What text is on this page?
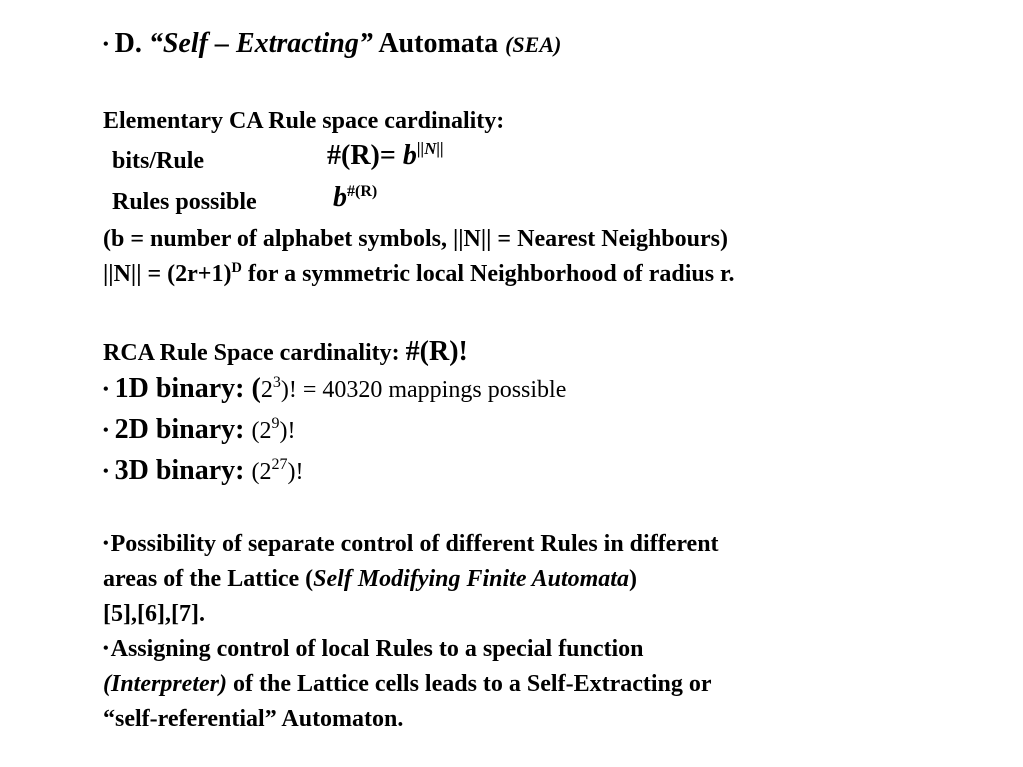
• D. “Self – Extracting” Automata (SEA)
Elementary CA Rule space cardinality:
bits/Rule	#(R)= $b^{||N||}$
Rules possible	$b^{\#(R)}$
(b = number of alphabet symbols, ||N|| = Nearest Neighbours)
$||N|| = (2r+1)^D$ for a symmetric local Neighborhood of radius r.
RCA Rule Space cardinality: #(R)!
• 1D binary: $(2^3)$! = 40320 mappings possible
• 2D binary: $(2^9)$!
• 3D binary: $(2^{27})$!
•Possibility of separate control of different Rules in different
areas of the Lattice (Self Modifying Finite Automata)
[5],[6],[7].
•Assigning control of local Rules to a special function
(Interpreter) of the Lattice cells leads to a Self-Extracting or
“self-referential” Automaton.
